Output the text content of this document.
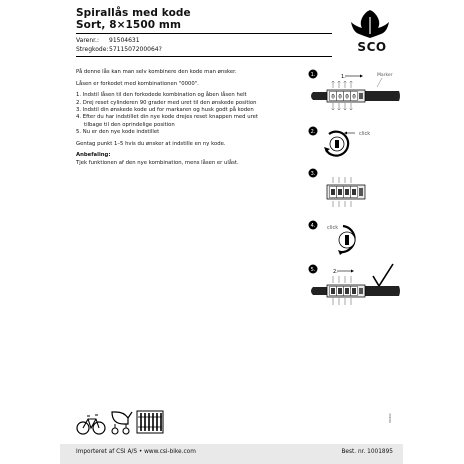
Spirallås med kode
Sort, 8×1500 mm
Varenr.: 91504631
Stregkode:5711507200064?	SCO

På denne lås kan man selv kombinere den kode man ønsker.

Låsen er forkodet med kombinationen "0000".

1. Indstil låsen til den forkodede kombination og åben låsen helt
2. Drej reset cylinderen 90 grader med uret til den ønskede position
3. Indstil din ønskede kode ud for markaren og husk godt på koden
4. Efter du har indstillet din nye kode drejes reset knappen med uret
tilbage til den oprindelige position
5. Nu er den nye kode indstillet

Gentag punkt 1–5 hvis du ønsker at indstille en ny kode.

Anbefaling:
Tjek funktionen af den nye kombination, mens låsen er ulåst.
1.	1.	Marker
0 0 0 0
2.	click
3.
4. click
5.	2.
000000
Importeret af CSI A/S • www.csi-bike.com	Best. nr. 1001895
